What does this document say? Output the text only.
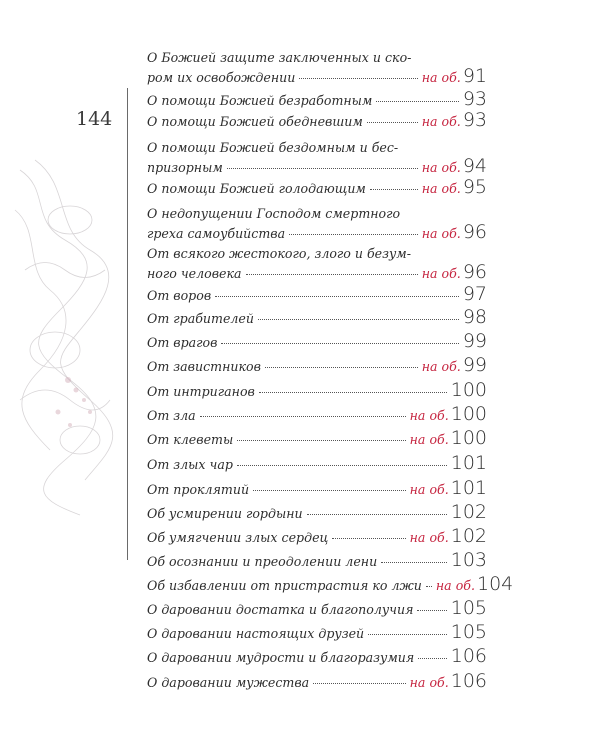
144
О Божией защите заключенных и ско-
ром их освобождении	на об. 91
О помощи Божией безработным	93
О помощи Божией обедневшим	на об. 93
О помощи Божией бездомным и бес-
призорным	на об. 94
О помощи Божией голодающим	на об. 95
О недопущении Господом смертного
греха самоубийства	на об. 96
От всякого жестокого, злого и безум-
ного человека	на об. 96
От воров	97
От грабителей	98
От врагов	99
От завистников	на об. 99
От интриганов	100
От зла	на об. 100
От клеветы	на об. 100
От злых чар	101
От проклятий	на об. 101
Об усмирении гордыни	102
Об умягчении злых сердец	на об. 102
Об осознании и преодолении лени	103
Об избавлении от пристрастия ко лжи на об. 104
О даровании достатка и благополучия 105
О даровании настоящих друзей	105
О даровании мудрости и благоразумия 106
О даровании мужества	на об. 106
